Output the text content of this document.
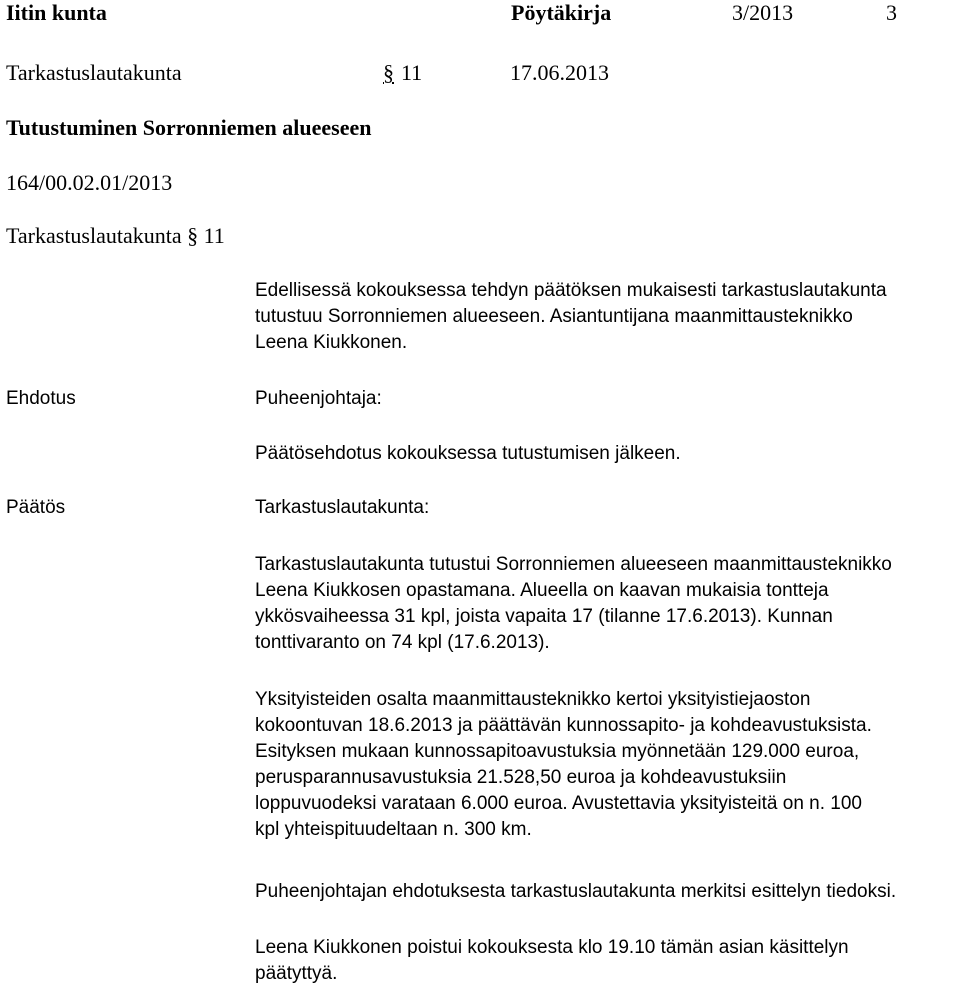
Iitin kunta	Pöytäkirja	3/2013	3
Tarkastuslautakunta	§ 11	17.06.2013
Tutustuminen Sorronniemen alueeseen
164/00.02.01/2013
Tarkastuslautakunta § 11
Edellisessä kokouksessa tehdyn päätöksen mukaisesti tarkastuslautakunta
tutustuu Sorronniemen alueeseen. Asiantuntijana maanmittausteknikko
Leena Kiukkonen.
Ehdotus	Puheenjohtaja:
Päätösehdotus kokouksessa tutustumisen jälkeen.
Päätös	Tarkastuslautakunta:
Tarkastuslautakunta tutustui Sorronniemen alueeseen maanmittausteknikko
Leena Kiukkosen opastamana. Alueella on kaavan mukaisia tontteja
ykkösvaiheessa 31 kpl, joista vapaita 17 (tilanne 17.6.2013). Kunnan
tonttivaranto on 74 kpl (17.6.2013).
Yksityisteiden osalta maanmittausteknikko kertoi yksityistiejaoston
kokoontuvan 18.6.2013 ja päättävän kunnossapito- ja kohdeavustuksista.
Esityksen mukaan kunnossapitoavustuksia myönnetään 129.000 euroa,
perusparannusavustuksia 21.528,50 euroa ja kohdeavustuksiin
loppuvuodeksi varataan 6.000 euroa. Avustettavia yksityisteitä on n. 100
kpl yhteispituudeltaan n. 300 km.
Puheenjohtajan ehdotuksesta tarkastuslautakunta merkitsi esittelyn tiedoksi.
Leena Kiukkonen poistui kokouksesta klo 19.10 tämän asian käsittelyn
päätyttyä.
